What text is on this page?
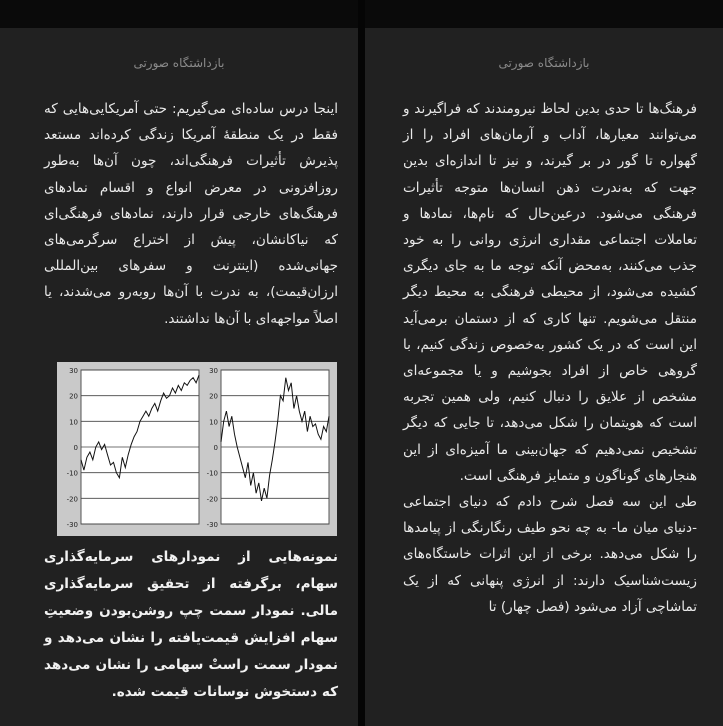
بازداشتگاه صورتی

اینجا درس ساده‌ای می‌گیریم: حتی آمریکایی‌هایی که فقط در یک منطقهٔ آمریکا زندگی کرده‌اند مستعد پذیرش تأثیرات فرهنگی‌اند، چون آن‌ها به‌طور روزافزونی در معرض انواع و اقسام نمادهای فرهنگ‌های خارجی قرار دارند، نمادهای فرهنگی‌ای که نیاکانشان، پیش از اختراع سرگرمی‌های جهانی‌شده (اینترنت و سفرهای بین‌المللی ارزان‌قیمت)، به ندرت با آن‌ها روبه‌رو می‌شدند، یا اصلاً مواجهه‌ای با آن‌ها نداشتند.

30
20
10
0
-10
-20
-30
30
20
10
0
-10
-20
-30
نمونه‌هایی از نمودارهای سرمایه‌گذاری سهام، برگرفته از تحقیق سرمایه‌گذاری مالی. نمودار سمت چپ روشن‌بودن وضعیتِ سهام افزایش قیمت‌یافته را نشان می‌دهد و نمودار سمت راستْ سهامی را نشان می‌دهد که دستخوش نوسانات قیمت شده.
بازداشتگاه صورتی

فرهنگ‌ها تا حدی بدین لحاظ نیرومندند که فراگیرند و می‌توانند معیارها، آداب و آرمان‌های افراد را از گهواره تا گور در بر گیرند، و نیز تا اندازه‌ای بدین جهت که به‌ندرت ذهن انسان‌ها متوجه تأثیرات فرهنگی می‌شود. درعین‌حال که نام‌ها، نمادها و تعاملات اجتماعی مقداری انرژی روانی را به خود جذب می‌کنند، به‌محض آنکه توجه ما به جای دیگری کشیده می‌شود، از محیطی فرهنگی به محیط دیگر منتقل می‌شویم. تنها کاری که از دستمان برمی‌آید این است که در یک کشور به‌خصوص زندگی کنیم، با گروهی خاص از افراد بجوشیم و یا مجموعه‌ای مشخص از علایق را دنبال کنیم، ولی همین تجربه است که هویتمان را شکل می‌دهد، تا جایی که دیگر تشخیص نمی‌دهیم که جهان‌بینی ما آمیزه‌ای از این هنجارهای گوناگون و متمایز فرهنگی است.

طی این سه فصل شرح دادم که دنیای اجتماعی -دنیای میان ما- به چه نحو طیف رنگارنگی از پیامدها را شکل می‌دهد. برخی از این اثرات خاستگاه‌های زیست‌شناسیک دارند: از انرژی پنهانی که از یک تماشاچی آزاد می‌شود (فصل چهار) تا
